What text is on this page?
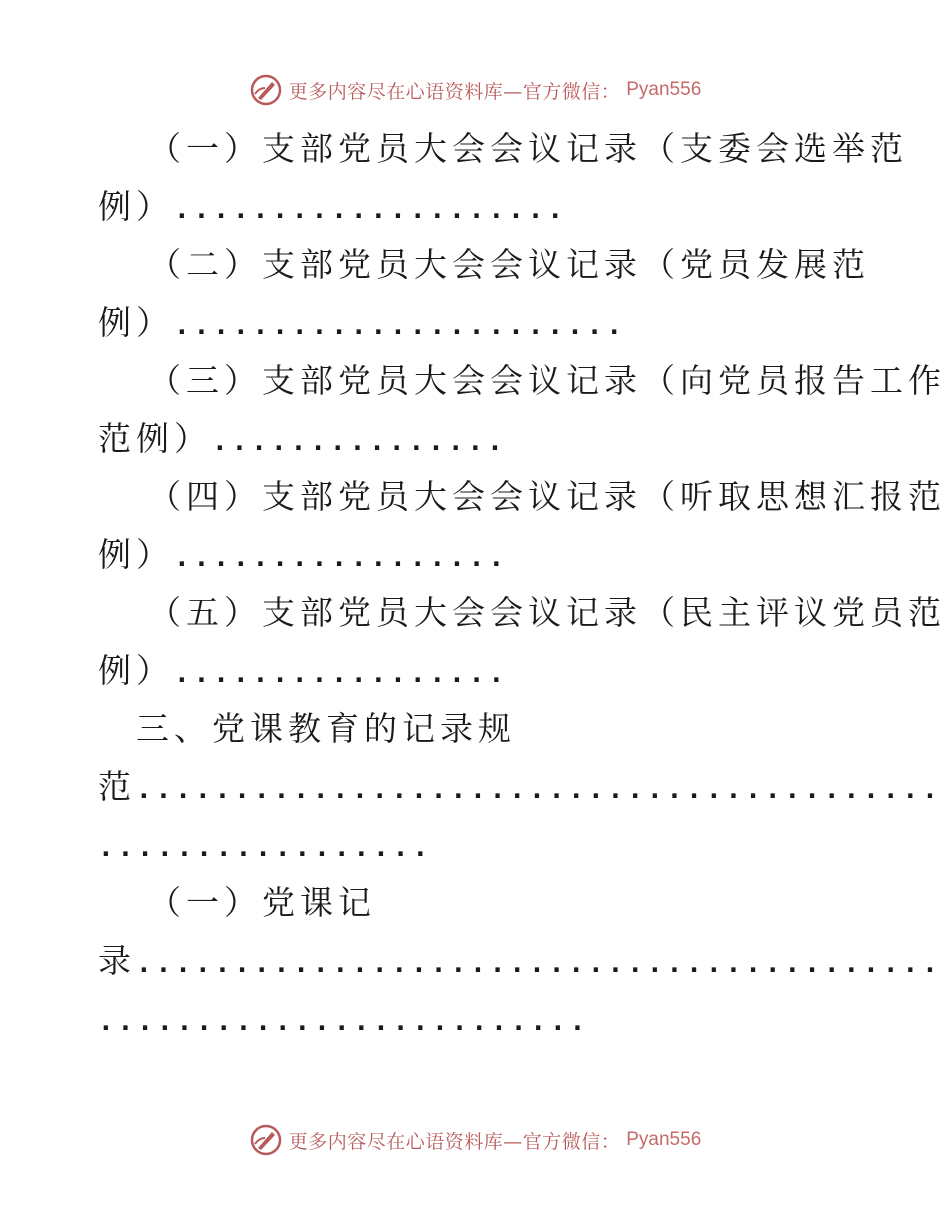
更多内容尽在心语资料库—官方微信： Pyan556
（一）支部党员大会会议记录（支委会选举范
例）....................
（二）支部党员大会会议记录（党员发展范
例）.......................
（三）支部党员大会会议记录（向党员报告工作
范例）...............
（四）支部党员大会会议记录（听取思想汇报范
例）.................
（五）支部党员大会会议记录（民主评议党员范
例）.................
三、党课教育的记录规
范.........................................
.................
（一）党课记
录.........................................
.........................
更多内容尽在心语资料库—官方微信： Pyan556
